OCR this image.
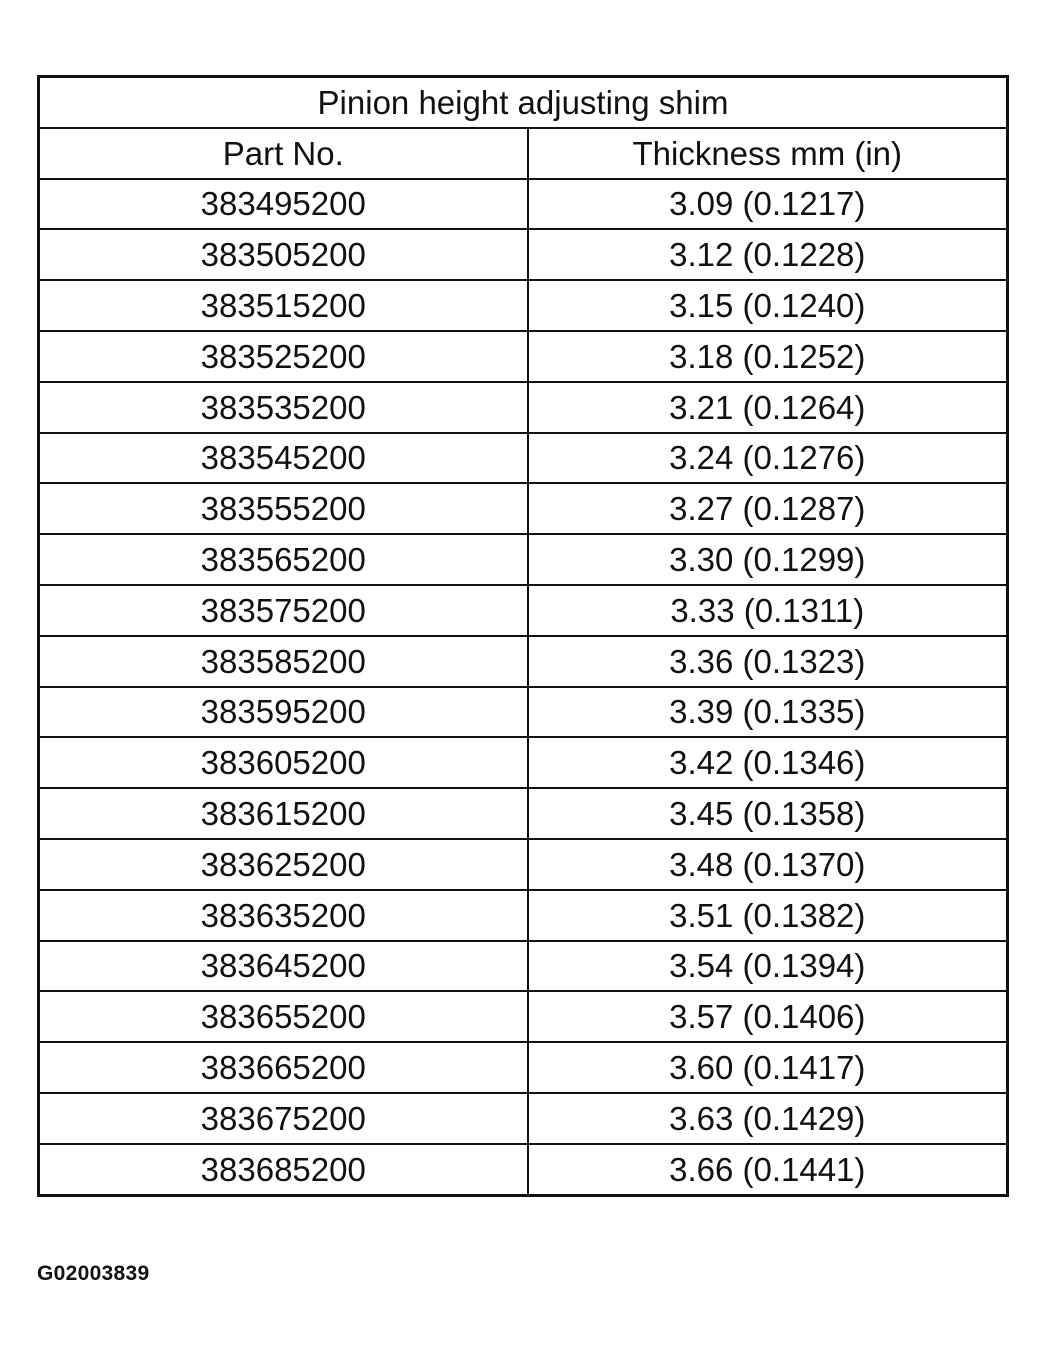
Pinion height adjusting shim	
Part No.	Thickness mm (in)
383495200	3.09 (0.1217)
383505200	3.12 (0.1228)
383515200	3.15 (0.1240)
383525200	3.18 (0.1252)
383535200	3.21 (0.1264)
383545200	3.24 (0.1276)
383555200	3.27 (0.1287)
383565200	3.30 (0.1299)
383575200	3.33 (0.1311)
383585200	3.36 (0.1323)
383595200	3.39 (0.1335)
383605200	3.42 (0.1346)
383615200	3.45 (0.1358)
383625200	3.48 (0.1370)
383635200	3.51 (0.1382)
383645200	3.54 (0.1394)
383655200	3.57 (0.1406)
383665200	3.60 (0.1417)
383675200	3.63 (0.1429)
383685200	3.66 (0.1441)
G02003839
